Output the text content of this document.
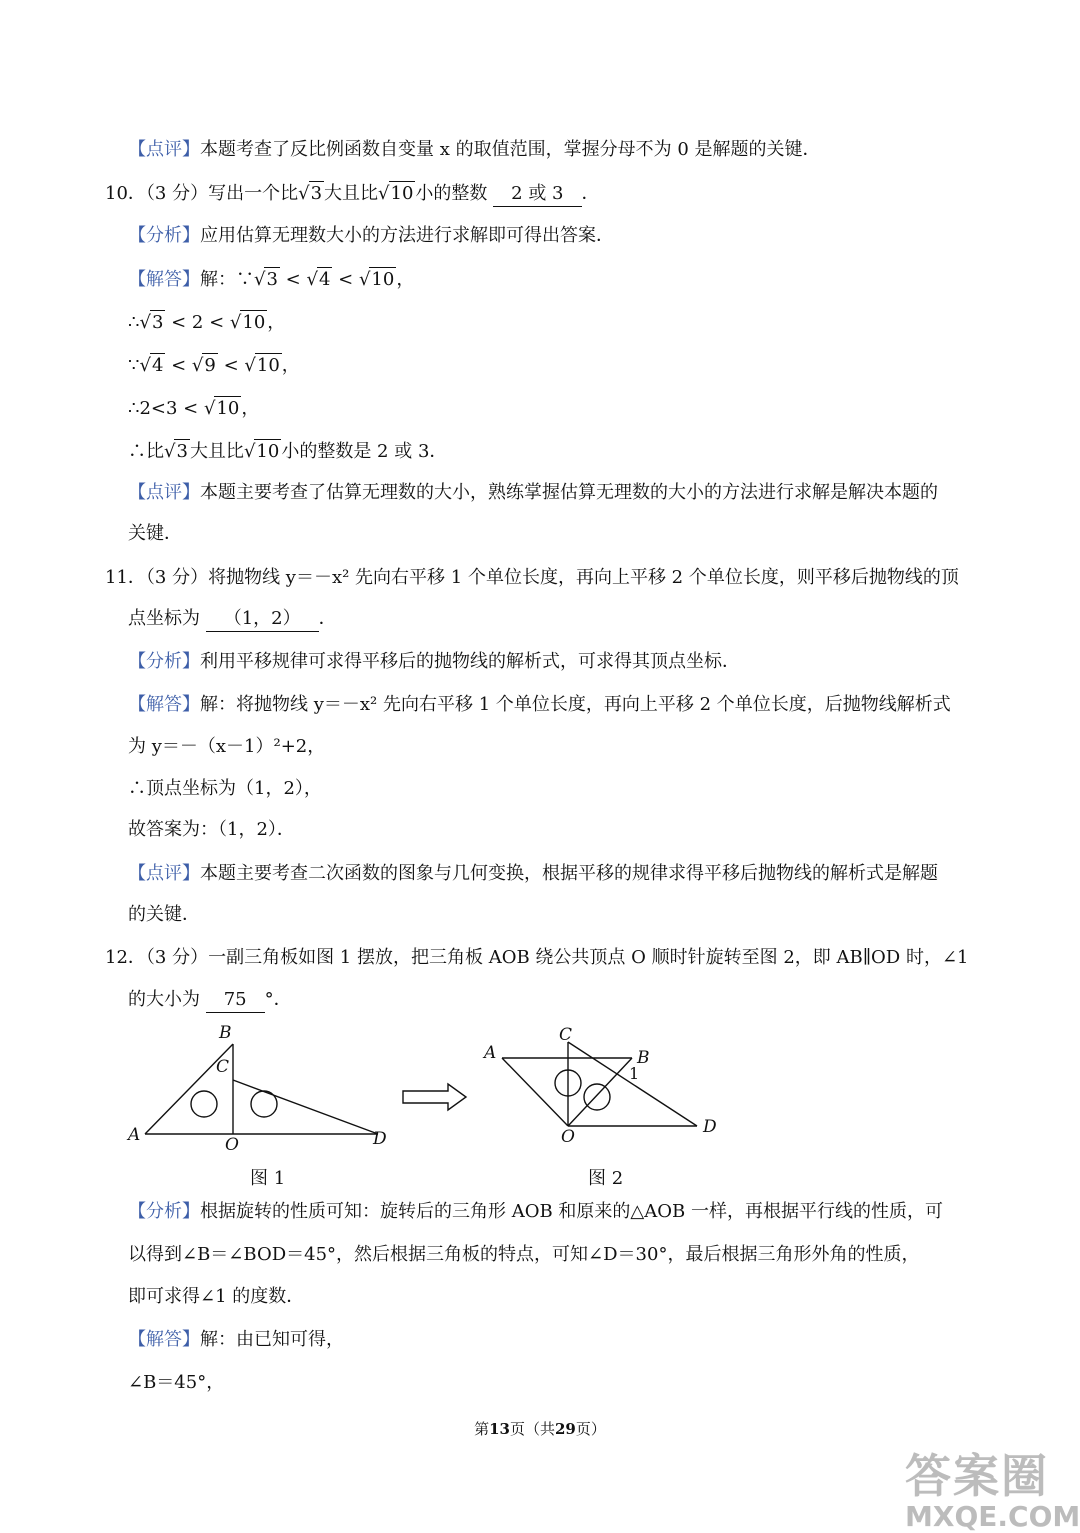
【点评】本题考查了反比例函数自变量 x 的取值范围，掌握分母不为 0 是解题的关键．
10．（3 分）写出一个比√3 大且比√10 小的整数 2 或 3 ．
【分析】应用估算无理数大小的方法进行求解即可得出答案．
【解答】解：∵√3 < √4 < √10 ，
∴√3 < 2 < √10 ，
∵√4 < √9 < √10 ，
∴2<3 < √10 ，
∴比√3 大且比√10 小的整数是 2 或 3．
【点评】本题主要考查了估算无理数的大小，熟练掌握估算无理数的大小的方法进行求解是解决本题的
关键．
11．（3 分）将抛物线 y＝－x² 先向右平移 1 个单位长度，再向上平移 2 个单位长度，则平移后抛物线的顶
点坐标为 （1，2） ．
【分析】利用平移规律可求得平移后的抛物线的解析式，可求得其顶点坐标．
【解答】解：将抛物线 y＝－x² 先向右平移 1 个单位长度，再向上平移 2 个单位长度，后抛物线解析式
为 y＝－（x－1）²+2，
∴顶点坐标为（1，2），
故答案为：（1，2）．
【点评】本题主要考查二次函数的图象与几何变换，根据平移的规律求得平移后抛物线的解析式是解题
的关键．
12．（3 分）一副三角板如图 1 摆放，把三角板 AOB 绕公共顶点 O 顺时针旋转至图 2，即 AB∥OD 时，∠1
的大小为 75 °．
A
B
C
O	D
图 1
A	B
C
O	D
1
图 2
【分析】根据旋转的性质可知：旋转后的三角形 AOB 和原来的△AOB 一样，再根据平行线的性质，可
以得到∠B＝∠BOD＝45°，然后根据三角板的特点，可知∠D＝30°，最后根据三角形外角的性质，
即可求得∠1 的度数．
【解答】解：由已知可得，
∠B＝45°，
第13页（共29页）
答案圈
MXQE.COM
